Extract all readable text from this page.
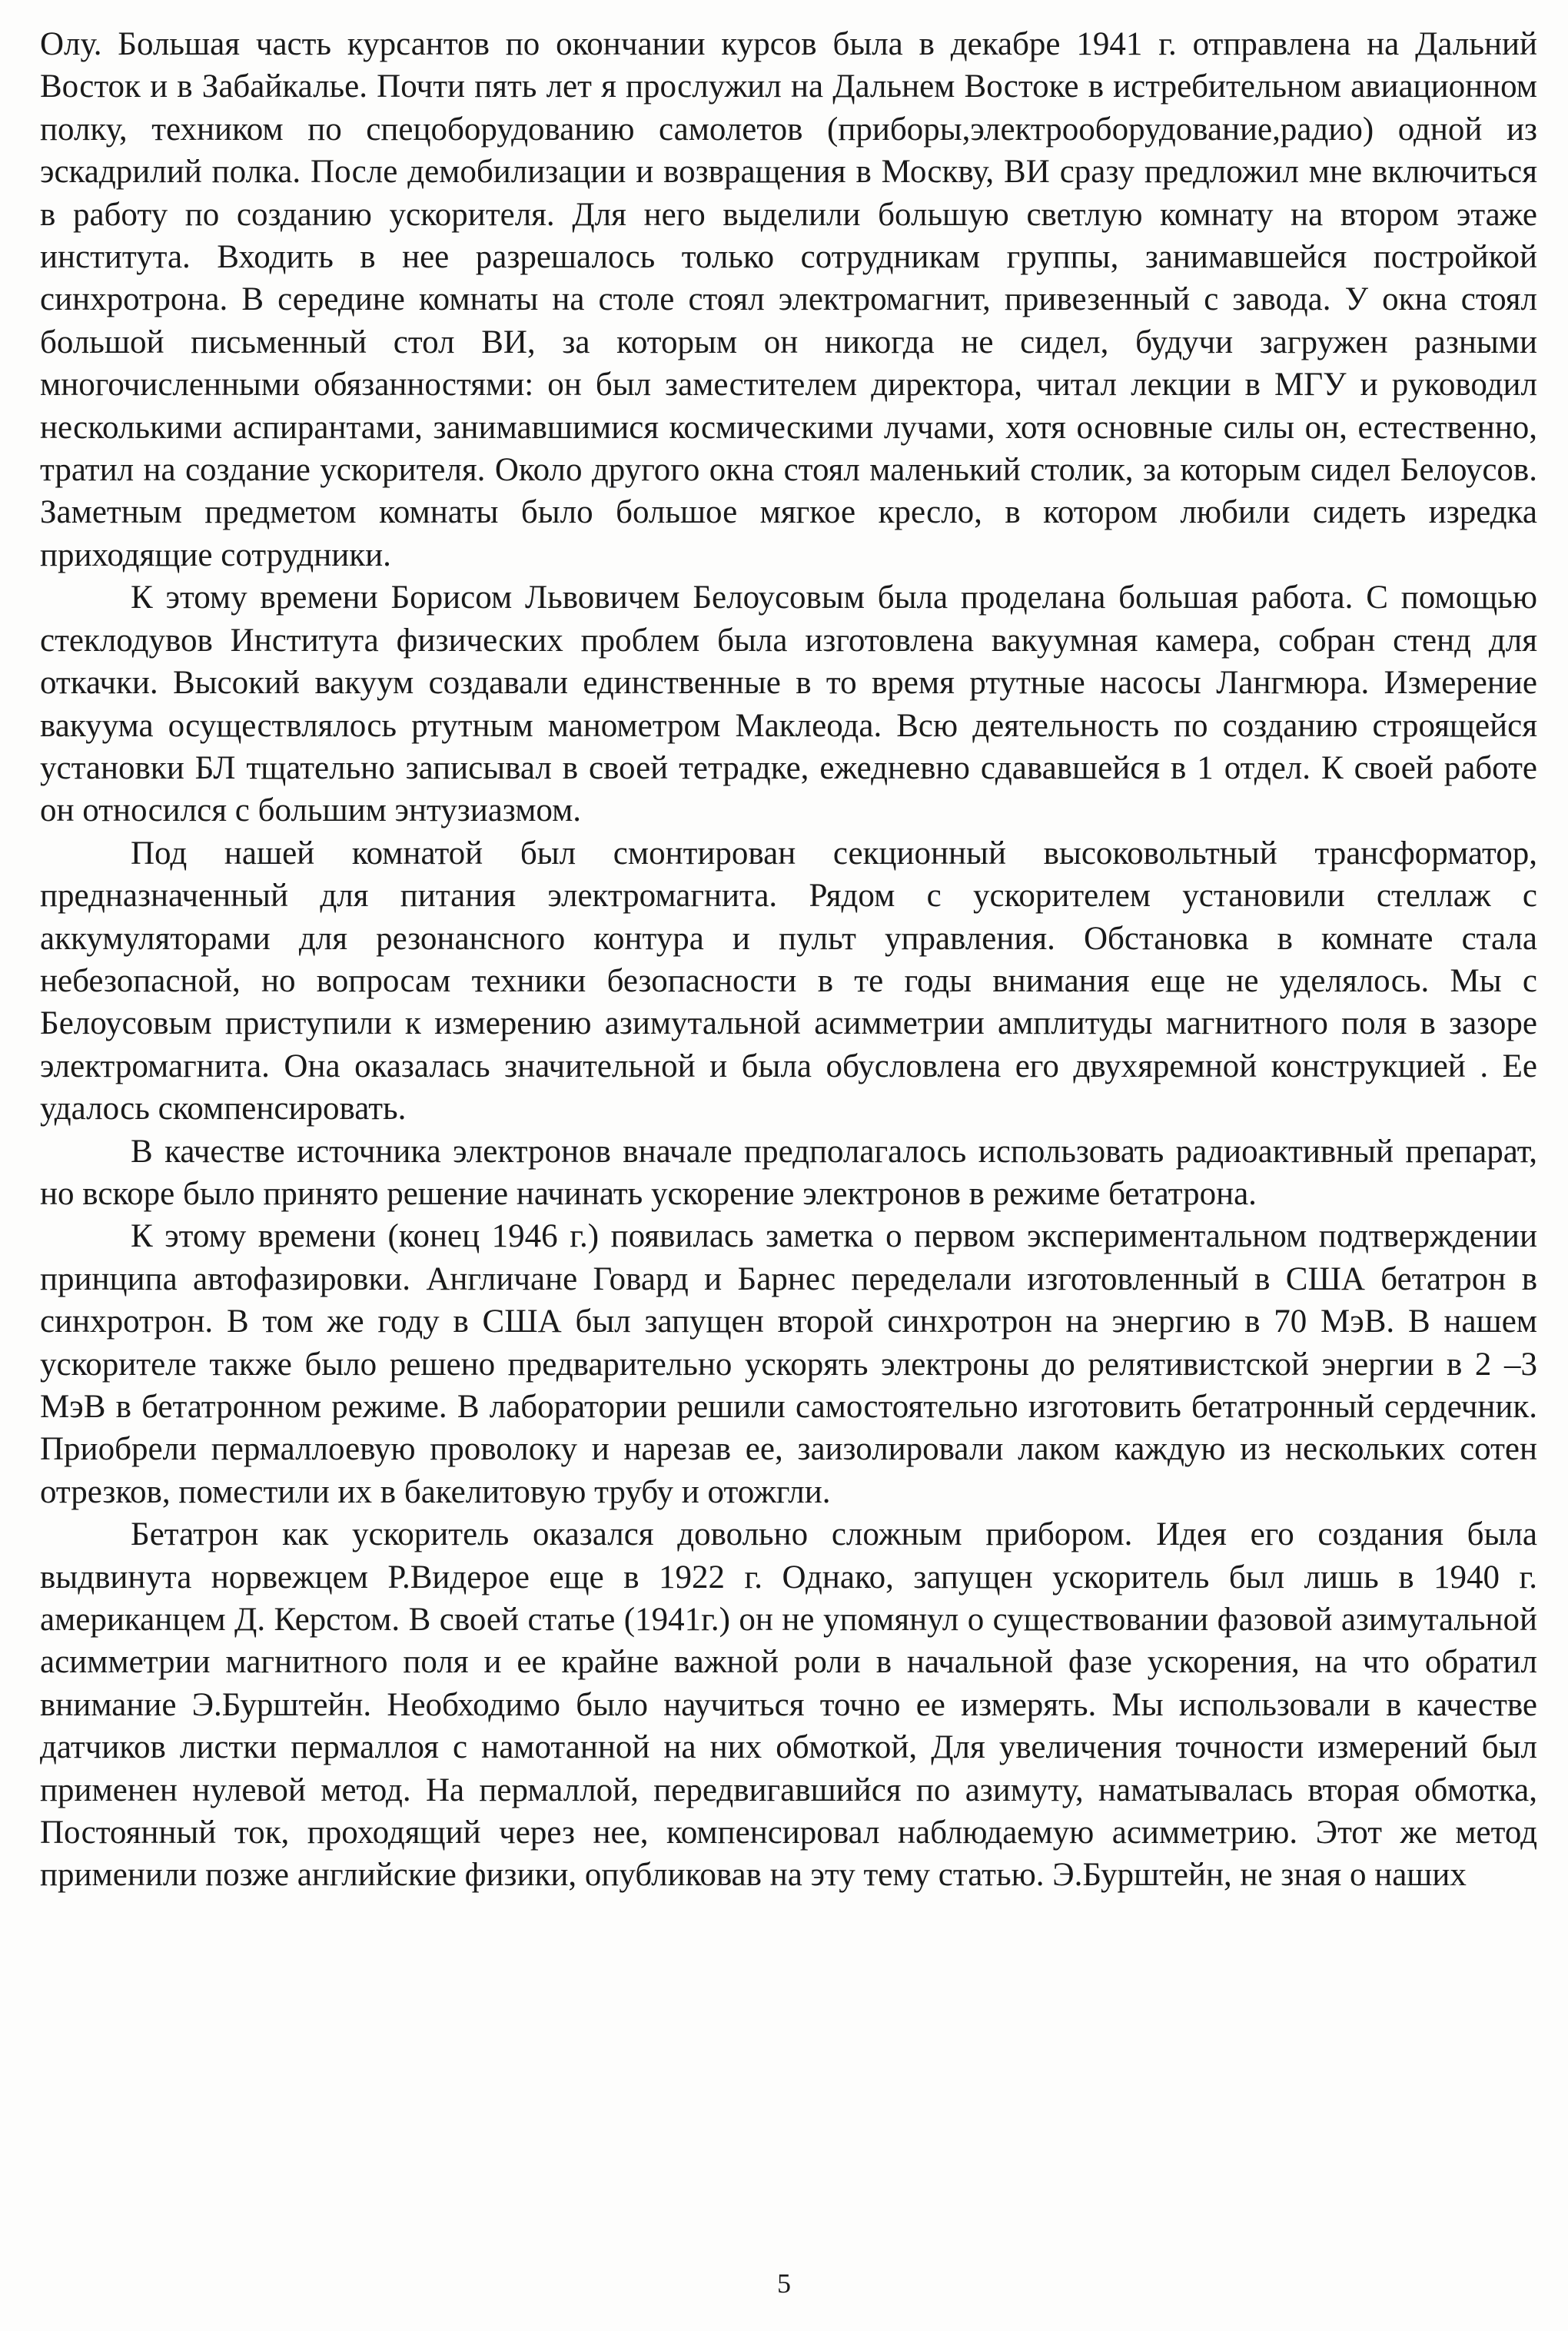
Олу. Большая часть курсантов по окончании курсов была в декабре 1941 г. отправлена на Дальний Восток и в Забайкалье. Почти пять лет я прослужил на Дальнем Востоке в истребительном авиационном полку, техником по спецоборудованию самолетов (приборы,электрооборудование,радио) одной из эскадрилий полка. После демобилизации и возвращения в Москву, ВИ сразу предложил мне включиться в работу по созданию ускорителя. Для него выделили большую светлую комнату на втором этаже института. Входить в нее разрешалось только сотрудникам группы, занимавшейся постройкой синхротрона. В середине комнаты на столе стоял электромагнит, привезенный с завода. У окна стоял большой письменный стол ВИ, за которым он никогда не сидел, будучи загружен разными многочисленными обязанностями: он был заместителем директора, читал лекции в МГУ и руководил несколькими аспирантами, занимавшимися космическими лучами, хотя основные силы он, естественно, тратил на создание ускорителя. Около другого окна стоял маленький столик, за которым сидел Белоусов. Заметным предметом комнаты было большое мягкое кресло, в котором любили сидеть изредка приходящие сотрудники.

К этому времени Борисом Львовичем Белоусовым была проделана большая работа. С помощью стеклодувов Института физических проблем была изготовлена вакуумная камера, собран стенд для откачки. Высокий вакуум создавали единственные в то время ртутные насосы Лангмюра. Измерение вакуума осуществлялось ртутным манометром Маклеода. Всю деятельность по созданию строящейся установки БЛ тщательно записывал в своей тетрадке, ежедневно сдававшейся в 1 отдел. К своей работе он относился с большим энтузиазмом.

Под нашей комнатой был смонтирован секционный высоковольтный трансформатор, предназначенный для питания электромагнита. Рядом с ускорителем установили стеллаж с аккумуляторами для резонансного контура и пульт управления. Обстановка в комнате стала небезопасной, но вопросам техники безопасности в те годы внимания еще не уделялось. Мы с Белоусовым приступили к измерению азимутальной асимметрии амплитуды магнитного поля в зазоре электромагнита. Она оказалась значительной и была обусловлена его двухяремной конструкцией . Ее удалось скомпенсировать.

В качестве источника электронов вначале предполагалось использовать радиоактивный препарат, но вскоре было принято решение начинать ускорение электронов в режиме бетатрона.

К этому времени (конец 1946 г.) появилась заметка о первом экспериментальном подтверждении принципа автофазировки. Англичане Говард и Барнес переделали изготовленный в США бетатрон в синхротрон. В том же году в США был запущен второй синхротрон на энергию в 70 МэВ. В нашем ускорителе также было решено предварительно ускорять электроны до релятивистской энергии в 2 –3 МэВ в бетатронном режиме. В лаборатории решили самостоятельно изготовить бетатронный сердечник. Приобрели пермаллоевую проволоку и нарезав ее, заизолировали лаком каждую из нескольких сотен отрезков, поместили их в бакелитовую трубу и отожгли.

Бетатрон как ускоритель оказался довольно сложным прибором. Идея его создания была выдвинута норвежцем Р.Видерое еще в 1922 г. Однако, запущен ускоритель был лишь в 1940 г. американцем Д. Керстом. В своей статье (1941г.) он не упомянул о существовании фазовой азимутальной асимметрии магнитного поля и ее крайне важной роли в начальной фазе ускорения, на что обратил внимание Э.Бурштейн. Необходимо было научиться точно ее измерять. Мы использовали в качестве датчиков листки пермаллоя с намотанной на них обмоткой, Для увеличения точности измерений был применен нулевой метод. На пермаллой, передвигавшийся по азимуту, наматывалась вторая обмотка, Постоянный ток, проходящий через нее, компенсировал наблюдаемую асимметрию. Этот же метод применили позже английские физики, опубликовав на эту тему статью. Э.Бурштейн, не зная о наших

5
